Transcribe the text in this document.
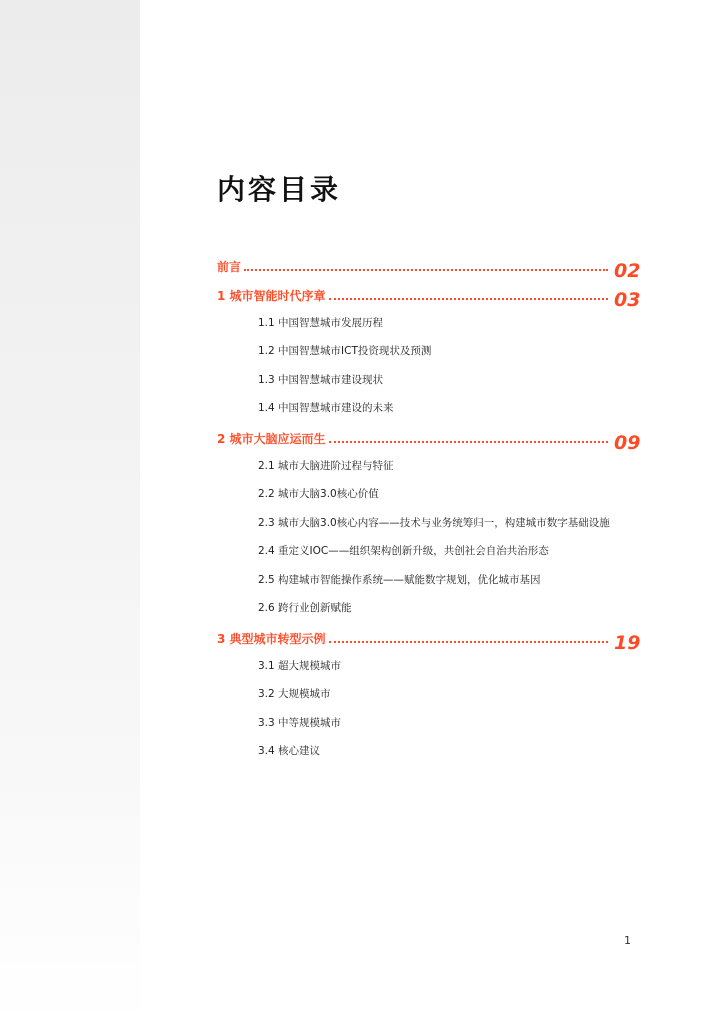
内容目录
前言	02
1 城市智能时代序章	03
1.1 中国智慧城市发展历程
1.2 中国智慧城市ICT投资现状及预测
1.3 中国智慧城市建设现状
1.4 中国智慧城市建设的未来
2 城市大脑应运而生	09
2.1 城市大脑进阶过程与特征
2.2 城市大脑3.0核心价值
2.3 城市大脑3.0核心内容——技术与业务统筹归一，构建城市数字基础设施
2.4 重定义IOC——组织架构创新升级，共创社会自治共治形态
2.5 构建城市智能操作系统——赋能数字规划，优化城市基因
2.6 跨行业创新赋能
3 典型城市转型示例	19
3.1 超大规模城市
3.2 大规模城市
3.3 中等规模城市
3.4 核心建议
1
